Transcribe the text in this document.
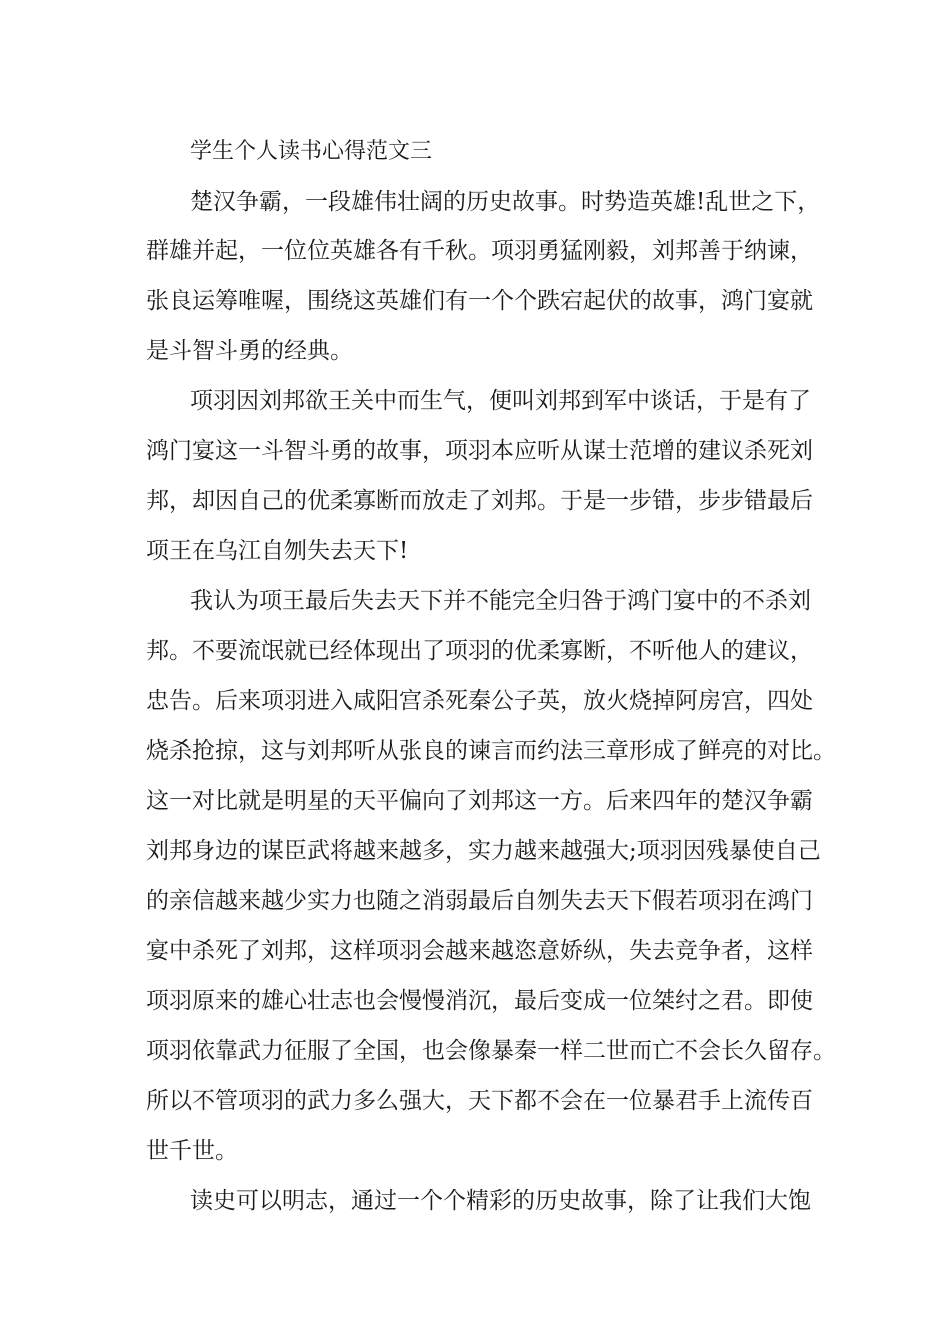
学生个人读书心得范文三
楚汉争霸，一段雄伟壮阔的历史故事。时势造英雄!乱世之下，
群雄并起，一位位英雄各有千秋。项羽勇猛刚毅，刘邦善于纳谏，
张良运筹唯喔，围绕这英雄们有一个个跌宕起伏的故事，鸿门宴就
是斗智斗勇的经典。
项羽因刘邦欲王关中而生气，便叫刘邦到军中谈话，于是有了
鸿门宴这一斗智斗勇的故事，项羽本应听从谋士范增的建议杀死刘
邦，却因自己的优柔寡断而放走了刘邦。于是一步错，步步错最后
项王在乌江自刎失去天下!
我认为项王最后失去天下并不能完全归咎于鸿门宴中的不杀刘
邦。不要流氓就已经体现出了项羽的优柔寡断，不听他人的建议，
忠告。后来项羽进入咸阳宫杀死秦公子英，放火烧掉阿房宫，四处
烧杀抢掠，这与刘邦听从张良的谏言而约法三章形成了鲜亮的对比。
这一对比就是明星的天平偏向了刘邦这一方。后来四年的楚汉争霸
刘邦身边的谋臣武将越来越多，实力越来越强大;项羽因残暴使自己
的亲信越来越少实力也随之消弱最后自刎失去天下假若项羽在鸿门
宴中杀死了刘邦，这样项羽会越来越恣意娇纵，失去竞争者，这样
项羽原来的雄心壮志也会慢慢消沉，最后变成一位桀纣之君。即使
项羽依靠武力征服了全国，也会像暴秦一样二世而亡不会长久留存。
所以不管项羽的武力多么强大，天下都不会在一位暴君手上流传百
世千世。
读史可以明志，通过一个个精彩的历史故事，除了让我们大饱
